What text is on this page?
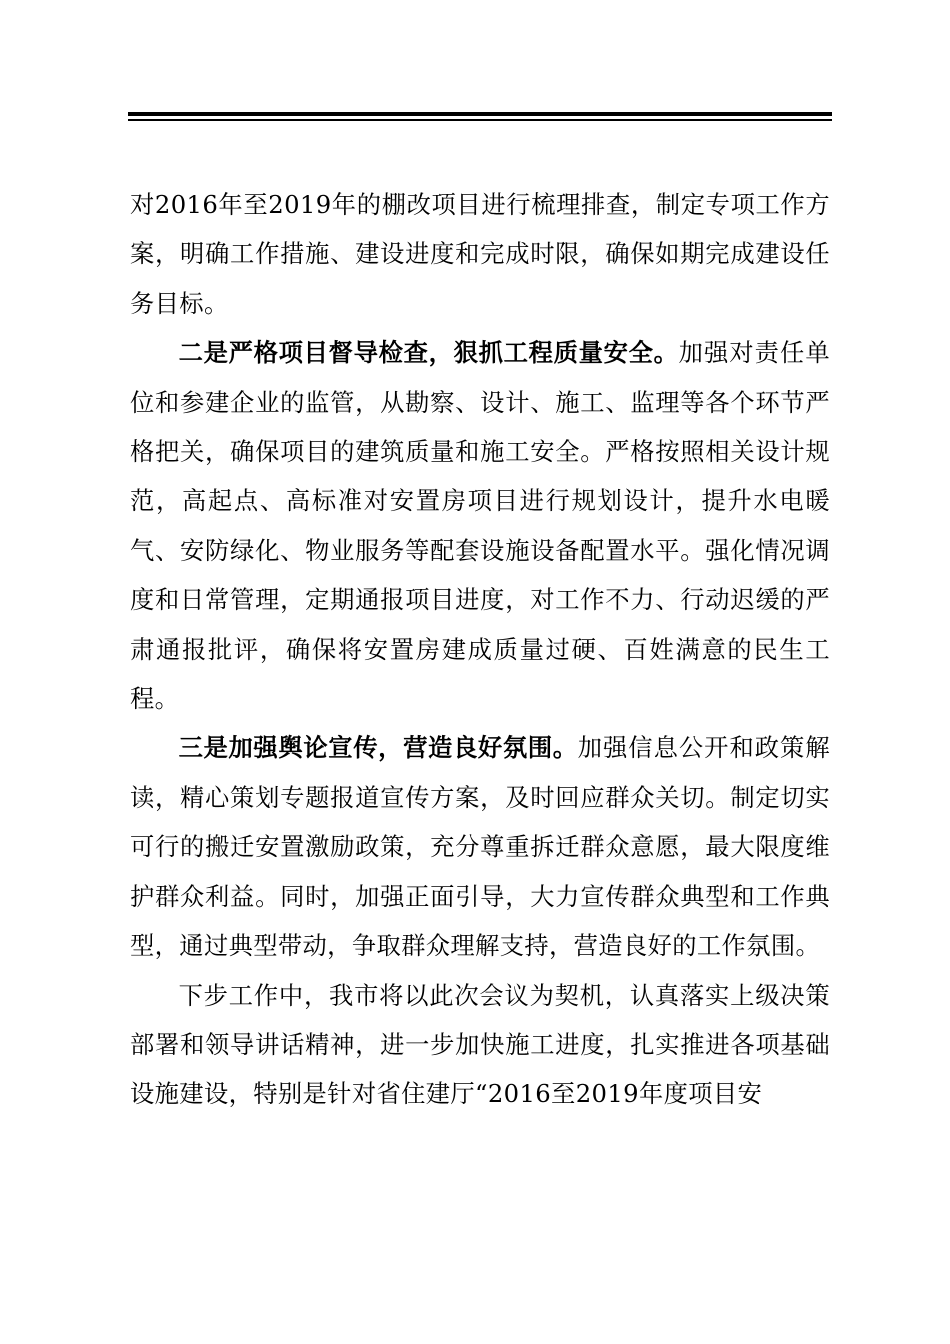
对2016年至2019年的棚改项目进行梳理排查，制定专项工作方案，明确工作措施、建设进度和完成时限，确保如期完成建设任务目标。

二是严格项目督导检查，狠抓工程质量安全。加强对责任单位和参建企业的监管，从勘察、设计、施工、监理等各个环节严格把关，确保项目的建筑质量和施工安全。严格按照相关设计规范，高起点、高标准对安置房项目进行规划设计，提升水电暖气、安防绿化、物业服务等配套设施设备配置水平。强化情况调度和日常管理，定期通报项目进度，对工作不力、行动迟缓的严肃通报批评，确保将安置房建成质量过硬、百姓满意的民生工程。

三是加强舆论宣传，营造良好氛围。加强信息公开和政策解读，精心策划专题报道宣传方案，及时回应群众关切。制定切实可行的搬迁安置激励政策，充分尊重拆迁群众意愿，最大限度维护群众利益。同时，加强正面引导，大力宣传群众典型和工作典型，通过典型带动，争取群众理解支持，营造良好的工作氛围。

下步工作中，我市将以此次会议为契机，认真落实上级决策部署和领导讲话精神，进一步加快施工进度，扎实推进各项基础设施建设，特别是针对省住建厅“2016至2019年度项目安
